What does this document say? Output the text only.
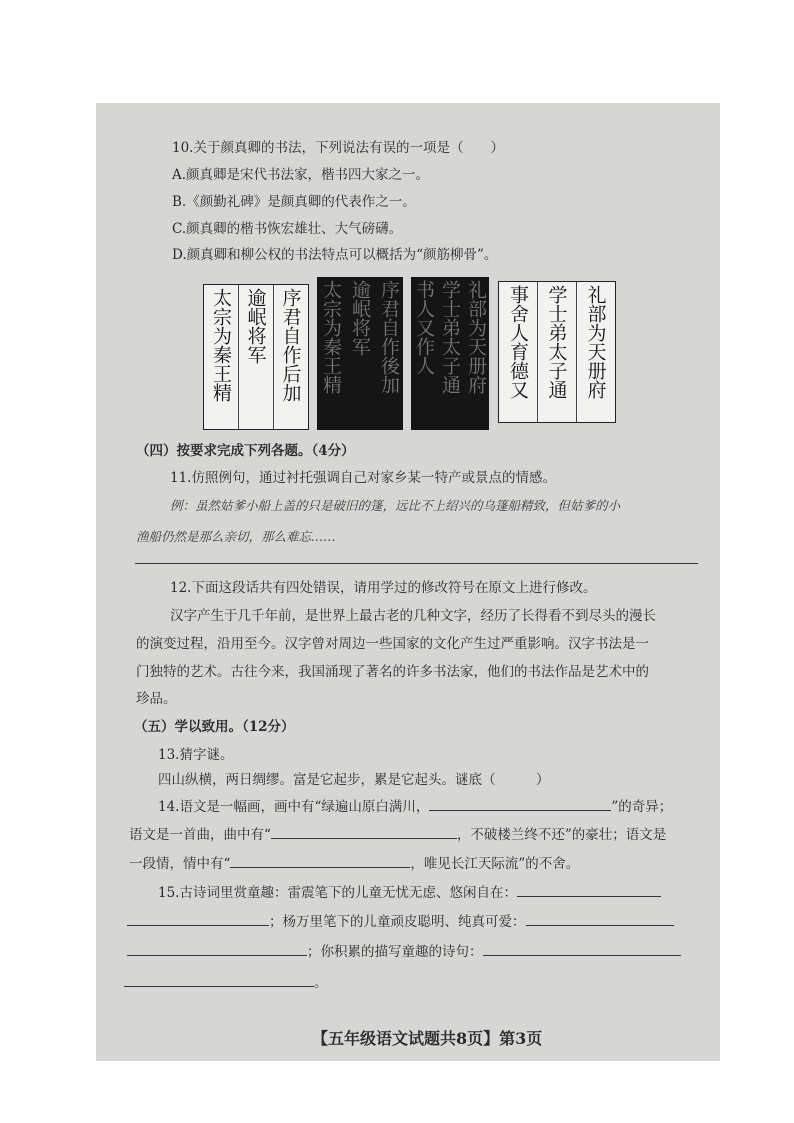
10.关于颜真卿的书法，下列说法有误的一项是（　　）
A.颜真卿是宋代书法家，楷书四大家之一。
B.《颜勤礼碑》是颜真卿的代表作之一。
C.颜真卿的楷书恢宏雄壮、大气磅礴。
D.颜真卿和柳公权的书法特点可以概括为“颜筋柳骨”。
太宗为秦王精 逾岷将军 序君自作后加 太宗为秦王精 逾岷将军 序君自作後加 书人又作人 学士弟太子通 礼部为天册府 事舍人育德又 学士弟太子通 礼部为天册府
（四）按要求完成下列各题。（4分）
11.仿照例句，通过衬托强调自己对家乡某一特产或景点的情感。
例：虽然姑爹小船上盖的只是破旧的篷，远比不上绍兴的乌篷船精致，但姑爹的小
渔船仍然是那么亲切，那么难忘……
12.下面这段话共有四处错误，请用学过的修改符号在原文上进行修改。
汉字产生于几千年前，是世界上最古老的几种文字，经历了长得看不到尽头的漫长
的演变过程，沿用至今。汉字曾对周边一些国家的文化产生过严重影响。汉字书法是一
门独特的艺术。古往今来，我国涌现了著名的许多书法家，他们的书法作品是艺术中的
珍品。
（五）学以致用。（12分）
13.猜字谜。
四山纵横，两日绸缪。富是它起步，累是它起头。谜底（　　　）
14.语文是一幅画，画中有“绿遍山原白满川，	”的奇异；
语文是一首曲，曲中有“	，不破楼兰终不还”的豪壮；语文是
一段情，情中有“	，唯见长江天际流”的不舍。
15.古诗词里赏童趣：雷震笔下的儿童无忧无虑、悠闲自在：
；杨万里笔下的儿童顽皮聪明、纯真可爱：
；你积累的描写童趣的诗句：
。
【五年级语文试题共8页】第3页
